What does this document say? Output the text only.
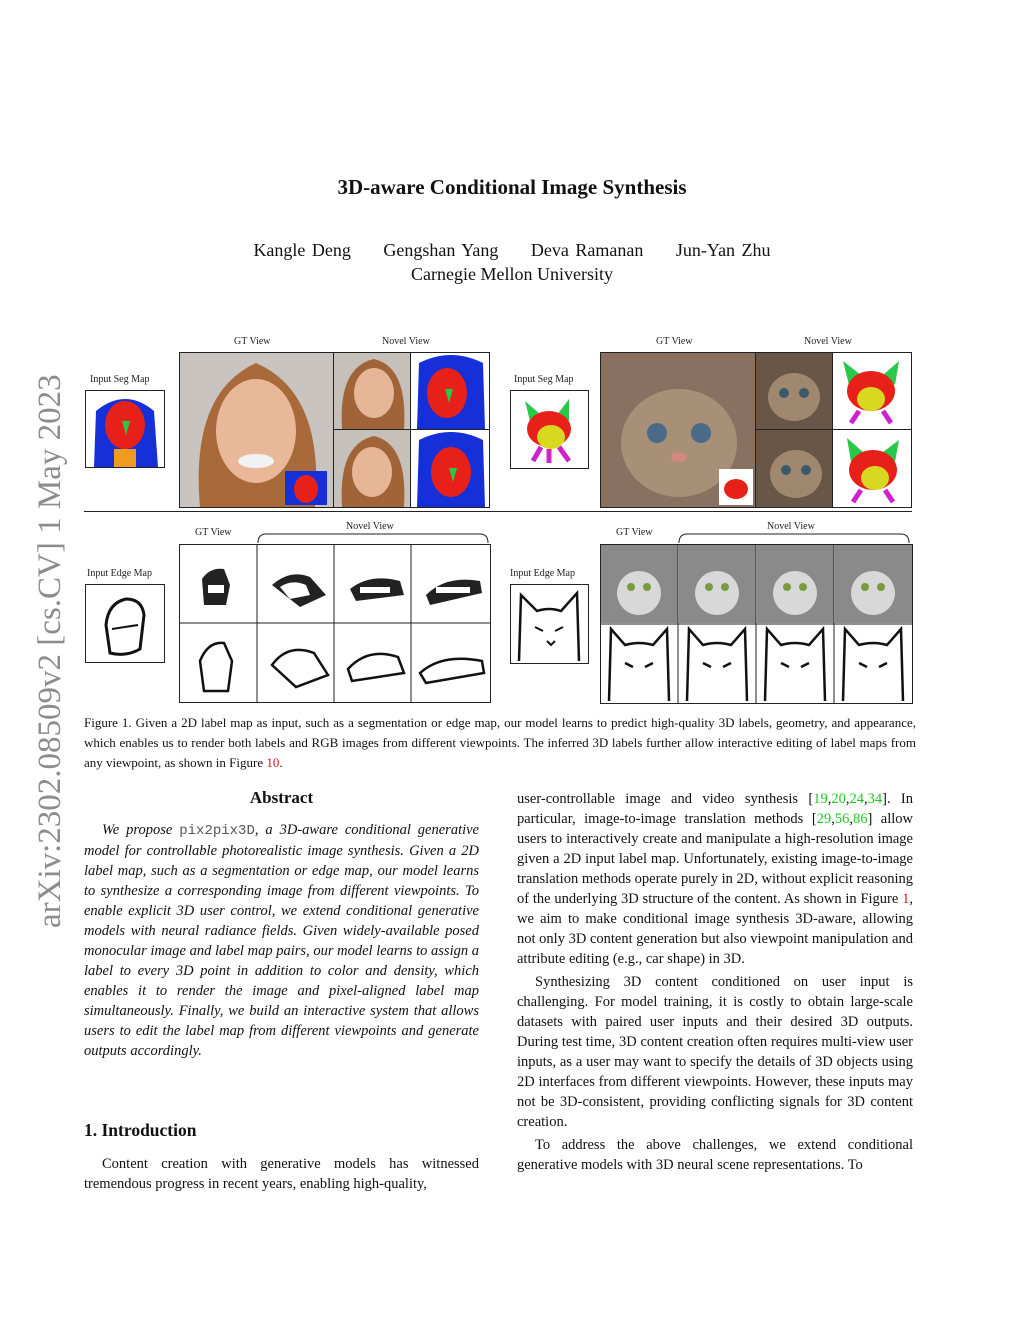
arXiv:2302.08509v2 [cs.CV] 1 May 2023
3D-aware Conditional Image Synthesis
Kangle Deng Gengshan Yang Deva Ramanan Jun-Yan Zhu
Carnegie Mellon University
Input Seg Map
GT View	Novel View
Input Seg Map
GT View	Novel View
Input Edge Map
GT View
Novel View
Input Edge Map
GT View
Novel View
Figure 1. Given a 2D label map as input, such as a segmentation or edge map, our model learns to predict high-quality 3D labels, geometry, and appearance, which enables us to render both labels and RGB images from different viewpoints. The inferred 3D labels further allow interactive editing of label maps from any viewpoint, as shown in Figure 10.
Abstract
We propose pix2pix3D, a 3D-aware conditional generative model for controllable photorealistic image synthesis. Given a 2D label map, such as a segmentation or edge map, our model learns to synthesize a corresponding image from different viewpoints. To enable explicit 3D user control, we extend conditional generative models with neural radiance fields. Given widely-available posed monocular image and label map pairs, our model learns to assign a label to every 3D point in addition to color and density, which enables it to render the image and pixel-aligned label map simultaneously. Finally, we build an interactive system that allows users to edit the label map from different viewpoints and generate outputs accordingly.
1. Introduction
Content creation with generative models has witnessed tremendous progress in recent years, enabling high-quality,

user-controllable image and video synthesis [19,20,24,34]. In particular, image-to-image translation methods [29,56,86] allow users to interactively create and manipulate a high-resolution image given a 2D input label map. Unfortunately, existing image-to-image translation methods operate purely in 2D, without explicit reasoning of the underlying 3D structure of the content. As shown in Figure 1, we aim to make conditional image synthesis 3D-aware, allowing not only 3D content generation but also viewpoint manipulation and attribute editing (e.g., car shape) in 3D.

Synthesizing 3D content conditioned on user input is challenging. For model training, it is costly to obtain large-scale datasets with paired user inputs and their desired 3D outputs. During test time, 3D content creation often requires multi-view user inputs, as a user may want to specify the details of 3D objects using 2D interfaces from different viewpoints. However, these inputs may not be 3D-consistent, providing conflicting signals for 3D content creation.

To address the above challenges, we extend conditional generative models with 3D neural scene representations. To
